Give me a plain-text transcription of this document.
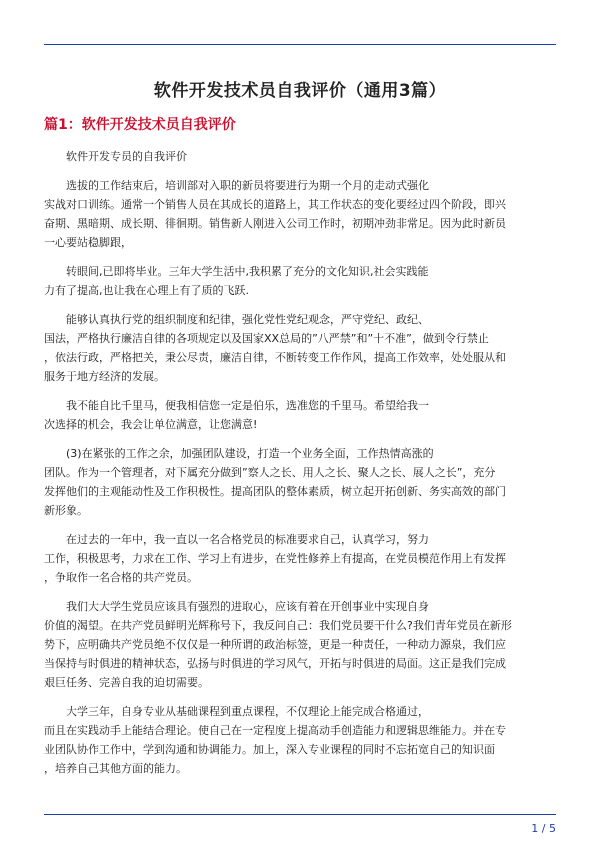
软件开发技术员自我评价（通用3篇）
篇1：软件开发技术员自我评价
软件开发专员的自我评价
选拔的工作结束后，培训部对入职的新员将要进行为期一个月的走动式强化
实战对口训练。通常一个销售人员在其成长的道路上，其工作状态的变化要经过四个阶段，即兴
奋期、黑暗期、成长期、徘徊期。销售新人刚进入公司工作时，初期冲劲非常足。因为此时新员
一心要站稳脚跟，
转眼间,已即将毕业。三年大学生活中,我积累了充分的文化知识,社会实践能
力有了提高,也让我在心理上有了质的飞跃.
能够认真执行党的组织制度和纪律，强化党性党纪观念，严守党纪、政纪、
国法，严格执行廉洁自律的各项规定以及国家XX总局的”八严禁”和”十不准”，做到令行禁止
，依法行政，严格把关，秉公尽责，廉洁自律，不断转变工作作风，提高工作效率，处处服从和
服务于地方经济的发展。
我不能自比千里马，便我相信您一定是伯乐，选准您的千里马。希望给我一
次选择的机会，我会让单位满意，让您满意!
(3)在紧张的工作之余，加强团队建设，打造一个业务全面，工作热情高涨的
团队。作为一个管理者，对下属充分做到”察人之长、用人之长、聚人之长、展人之长”，充分
发挥他们的主观能动性及工作积极性。提高团队的整体素质，树立起开拓创新、务实高效的部门
新形象。
在过去的一年中，我一直以一名合格党员的标准要求自己，认真学习，努力
工作，积极思考，力求在工作、学习上有进步，在党性修养上有提高，在党员模范作用上有发挥
，争取作一名合格的共产党员。
我们大大学生党员应该具有强烈的进取心，应该有着在开创事业中实现自身
价值的渴望。在共产党员鲜明光辉称号下，我反问自己：我们党员要干什么?我们青年党员在新形
势下，应明确共产党员绝不仅仅是一种所谓的政治标签，更是一种责任，一种动力源泉，我们应
当保持与时俱进的精神状态，弘扬与时俱进的学习风气，开拓与时俱进的局面。这正是我们完成
艰巨任务、完善自我的迫切需要。
大学三年，自身专业从基础课程到重点课程，不仅理论上能完成合格通过，
而且在实践动手上能结合理论。使自己在一定程度上提高动手创造能力和逻辑思维能力。并在专
业团队协作工作中，学到沟通和协调能力。加上，深入专业课程的同时不忘拓宽自己的知识面
，培养自己其他方面的能力。
1 / 5
